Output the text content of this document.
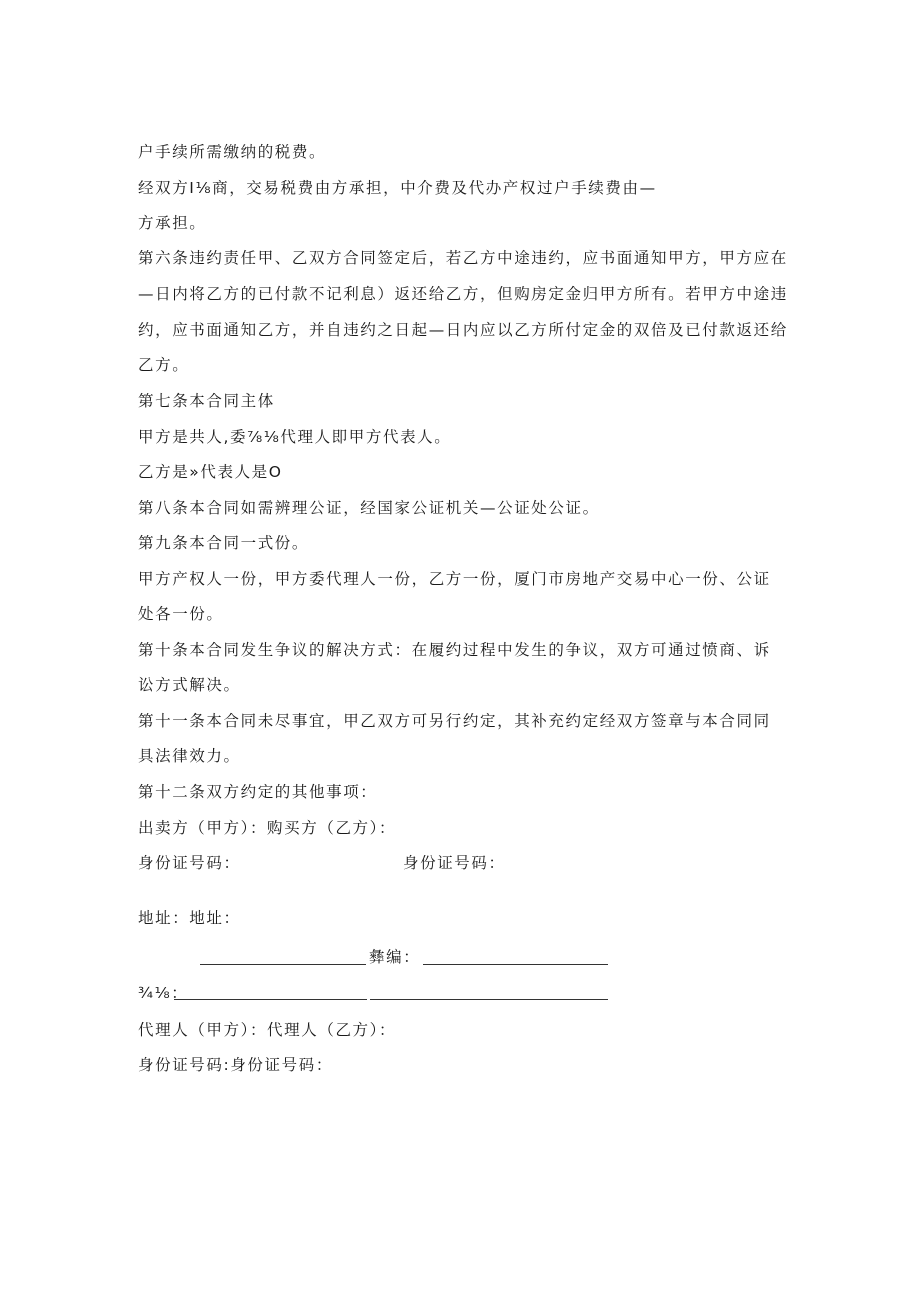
户手续所需缴纳的税费。
经双方I⅛商，交易税费由方承担，中介费及代办产权过户手续费由—
方承担。
第六条违约责任甲、乙双方合同签定后，若乙方中途违约，应书面通知甲方，甲方应在
—日内将乙方的已付款不记利息）返还给乙方，但购房定金归甲方所有。若甲方中途违
约，应书面通知乙方，并自违约之日起—日内应以乙方所付定金的双倍及已付款返还给
乙方。
第七条本合同主体
甲方是共人,委⅞⅛代理人即甲方代表人。
乙方是»代表人是O
第八条本合同如需辨理公证，经国家公证机关—公证处公证。
第九条本合同一式份。
甲方产权人一份，甲方委代理人一份，乙方一份，厦门市房地产交易中心一份、公证
处各一份。
第十条本合同发生争议的解决方式：在履约过程中发生的争议，双方可通过愤商、诉
讼方式解决。
第十一条本合同未尽事宜，甲乙双方可另行约定，其补充约定经双方签章与本合同同
具法律效力。
第十二条双方约定的其他事项：
出卖方（甲方）：购买方（乙方）：
身份证号码：	身份证号码：
地址：地址：
彝编：
¾⅛：
代理人（甲方）：代理人（乙方）：
身份证号码:身份证号码：
